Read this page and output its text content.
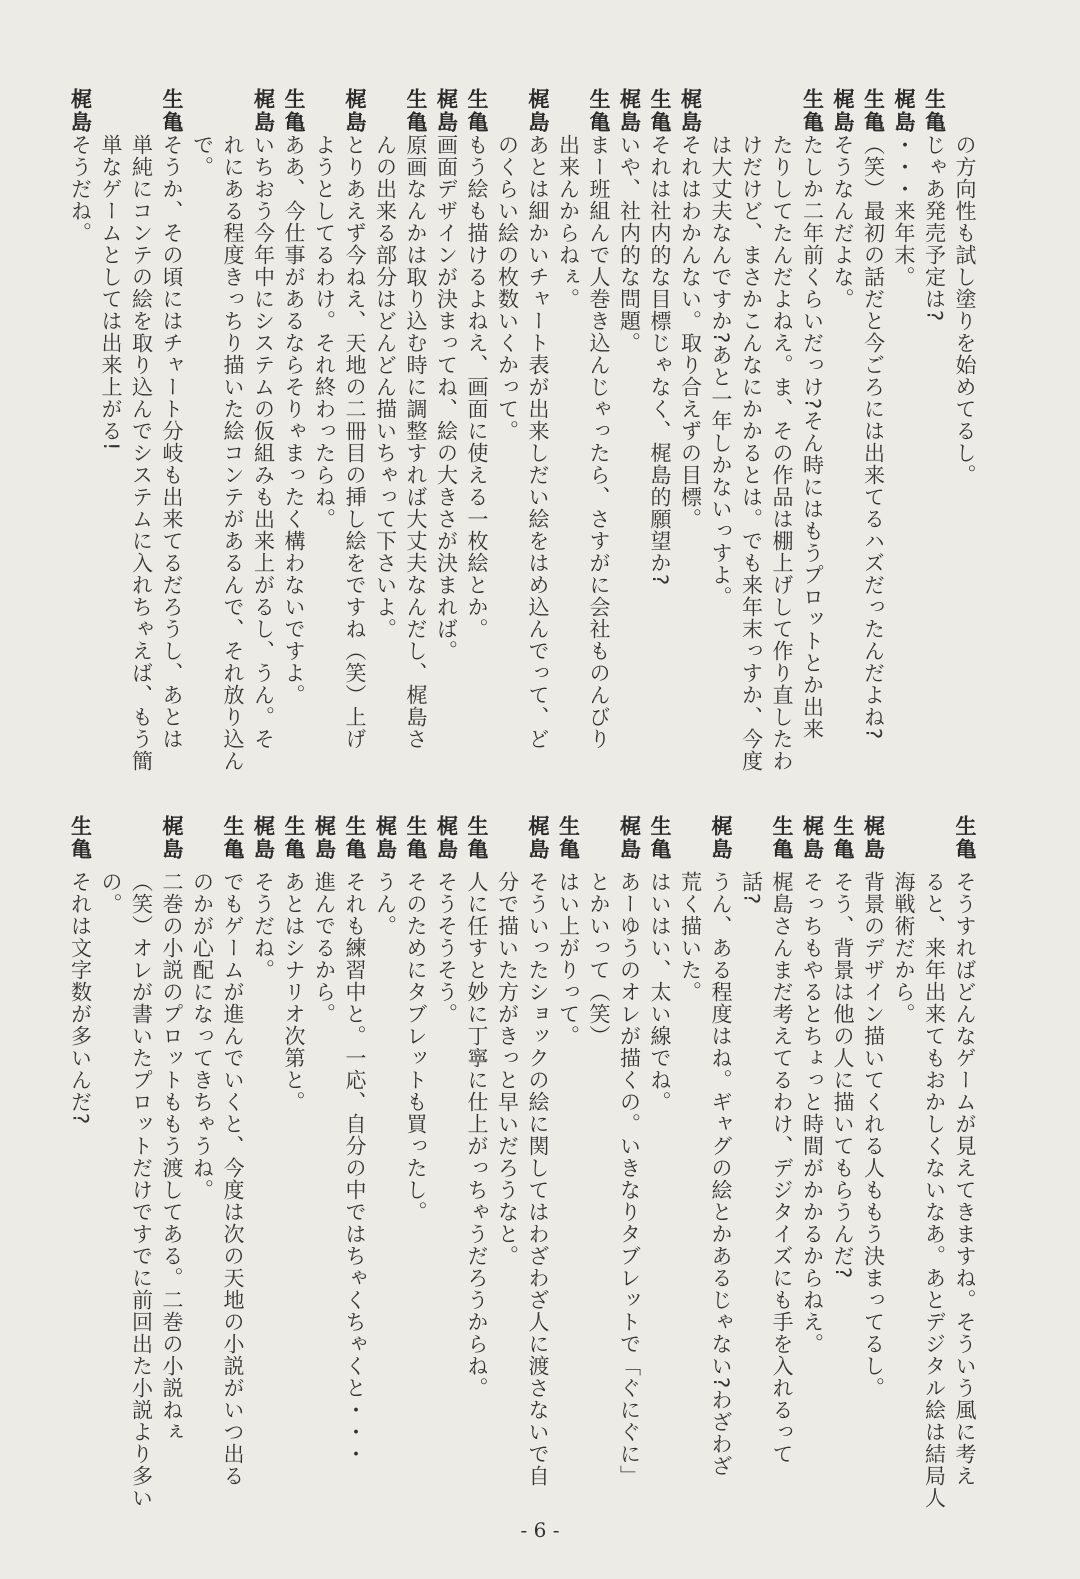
の方向性も試し塗りを始めてるし。
生亀じゃあ発売予定は?
梶島・・・来年末。
生亀（笑）最初の話だと今ごろには出来てるハズだったんだよね?
梶島そうなんだよな。
生亀たしか二年前くらいだっけ?そん時にはもうプロットとか出来
たりしてたんだよねえ。ま、その作品は棚上げして作り直したわ
けだけど、まさかこんなにかかるとは。でも来年末っすか、今度
は大丈夫なんですか?あと一年しかないっすよ。
梶島それはわかんない。取り合えずの目標。
生亀それは社内的な目標じゃなく、梶島的願望か?
梶島いや、社内的な問題。
生亀まー班組んで人巻き込んじゃったら、さすがに会社ものんびり
出来んからねぇ。
梶島あとは細かいチャート表が出来しだい絵をはめ込んでって、ど
のくらい絵の枚数いくかって。
生亀もう絵も描けるよねえ、画面に使える一枚絵とか。
梶島画面デザインが決まってね、絵の大きさが決まれば。
生亀原画なんかは取り込む時に調整すれば大丈夫なんだし、梶島さ
んの出来る部分はどんどん描いちゃって下さいよ。
梶島とりあえず今ねえ、天地の二冊目の挿し絵をですね（笑）上げ
ようとしてるわけ。それ終わったらね。
生亀ああ、今仕事があるならそりゃまったく構わないですよ。
梶島いちおう今年中にシステムの仮組みも出来上がるし、うん。そ
れにある程度きっちり描いた絵コンテがあるんで、それ放り込ん
で。
生亀そうか、その頃にはチャート分岐も出来てるだろうし、あとは
単純にコンテの絵を取り込んでシステムに入れちゃえば、もう簡
単なゲームとしては出来上がる!
梶島そうだね。
生亀そうすればどんなゲームが見えてきますね。そういう風に考え
ると、来年出来てもおかしくないなあ。あとデジタル絵は結局人
海戦術だから。
梶島背景のデザイン描いてくれる人ももう決まってるし。
生亀そう、背景は他の人に描いてもらうんだ?
梶島そっちもやるとちょっと時間がかかるからねえ。
生亀梶島さんまだ考えてるわけ、デジタイズにも手を入れるって
話?
梶島うん、ある程度はね。ギャグの絵とかあるじゃない?わざわざ
荒く描いた。
生亀はいはい、太い線でね。
梶島あーゆうのオレが描くの。いきなりタブレットで「ぐにぐに」
とかいって（笑）
生亀はい上がりって。
梶島そういったショックの絵に関してはわざわざ人に渡さないで自
分で描いた方がきっと早いだろうなと。
生亀人に任すと妙に丁寧に仕上がっちゃうだろうからね。
梶島そうそうそう。
生亀そのためにタブレットも買ったし。
梶島うん。
生亀それも練習中と。一応、自分の中ではちゃくちゃくと・・・
梶島進んでるから。
生亀あとはシナリオ次第と。
梶島そうだね。
生亀でもゲームが進んでいくと、今度は次の天地の小説がいつ出る
のかが心配になってきちゃうね。
梶島二巻の小説のプロットももう渡してある。二巻の小説ねぇ
（笑）オレが書いたプロットだけですでに前回出た小説より多い
の。
生亀それは文字数が多いんだ?
- 6 -
